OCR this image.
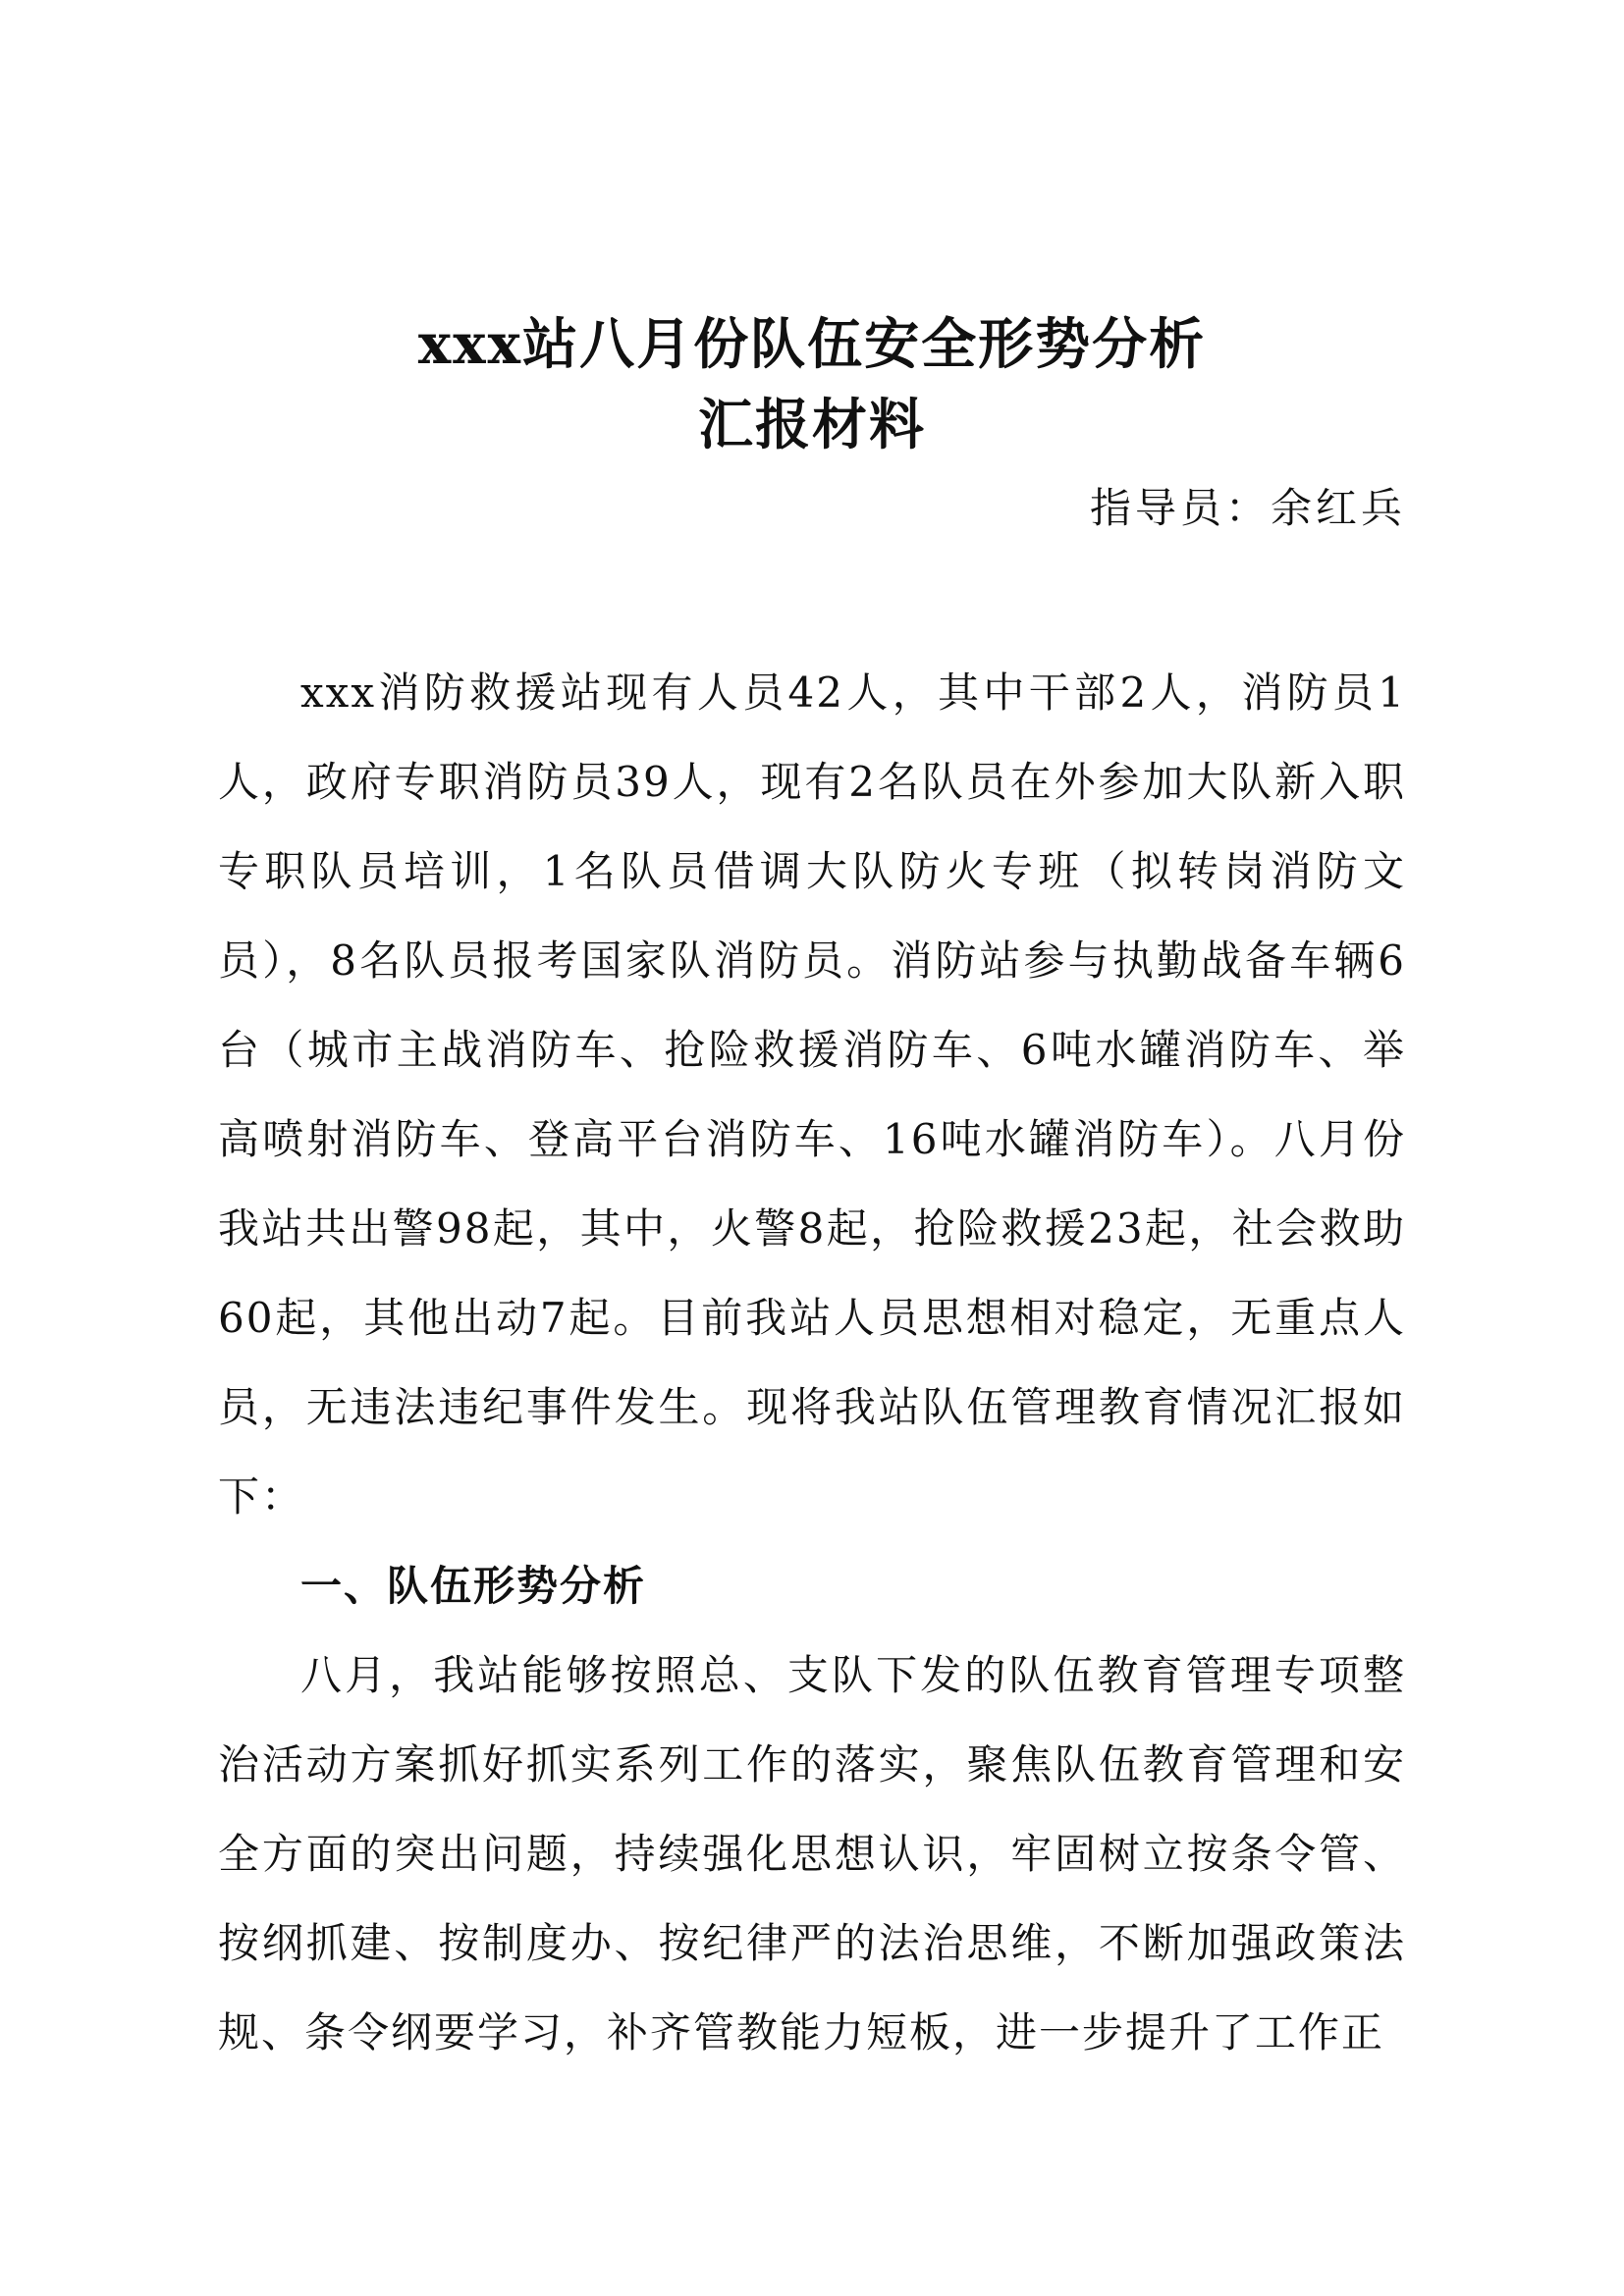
xxx站八月份队伍安全形势分析

汇报材料

指导员：余红兵

xxx消防救援站现有人员42人，其中干部2人，消防员1人，政府专职消防员39人，现有2名队员在外参加大队新入职专职队员培训，1名队员借调大队防火专班（拟转岗消防文员），8名队员报考国家队消防员。消防站参与执勤战备车辆6台（城市主战消防车、抢险救援消防车、6吨水罐消防车、举高喷射消防车、登高平台消防车、16吨水罐消防车）。八月份我站共出警98起，其中，火警8起，抢险救援23起，社会救助60起，其他出动7起。目前我站人员思想相对稳定，无重点人员，无违法违纪事件发生。现将我站队伍管理教育情况汇报如下：

一、队伍形势分析

八月，我站能够按照总、支队下发的队伍教育管理专项整治活动方案抓好抓实系列工作的落实，聚焦队伍教育管理和安全方面的突出问题，持续强化思想认识，牢固树立按条令管、按纲抓建、按制度办、按纪律严的法治思维，不断加强政策法规、条令纲要学习，补齐管教能力短板，进一步提升了工作正
